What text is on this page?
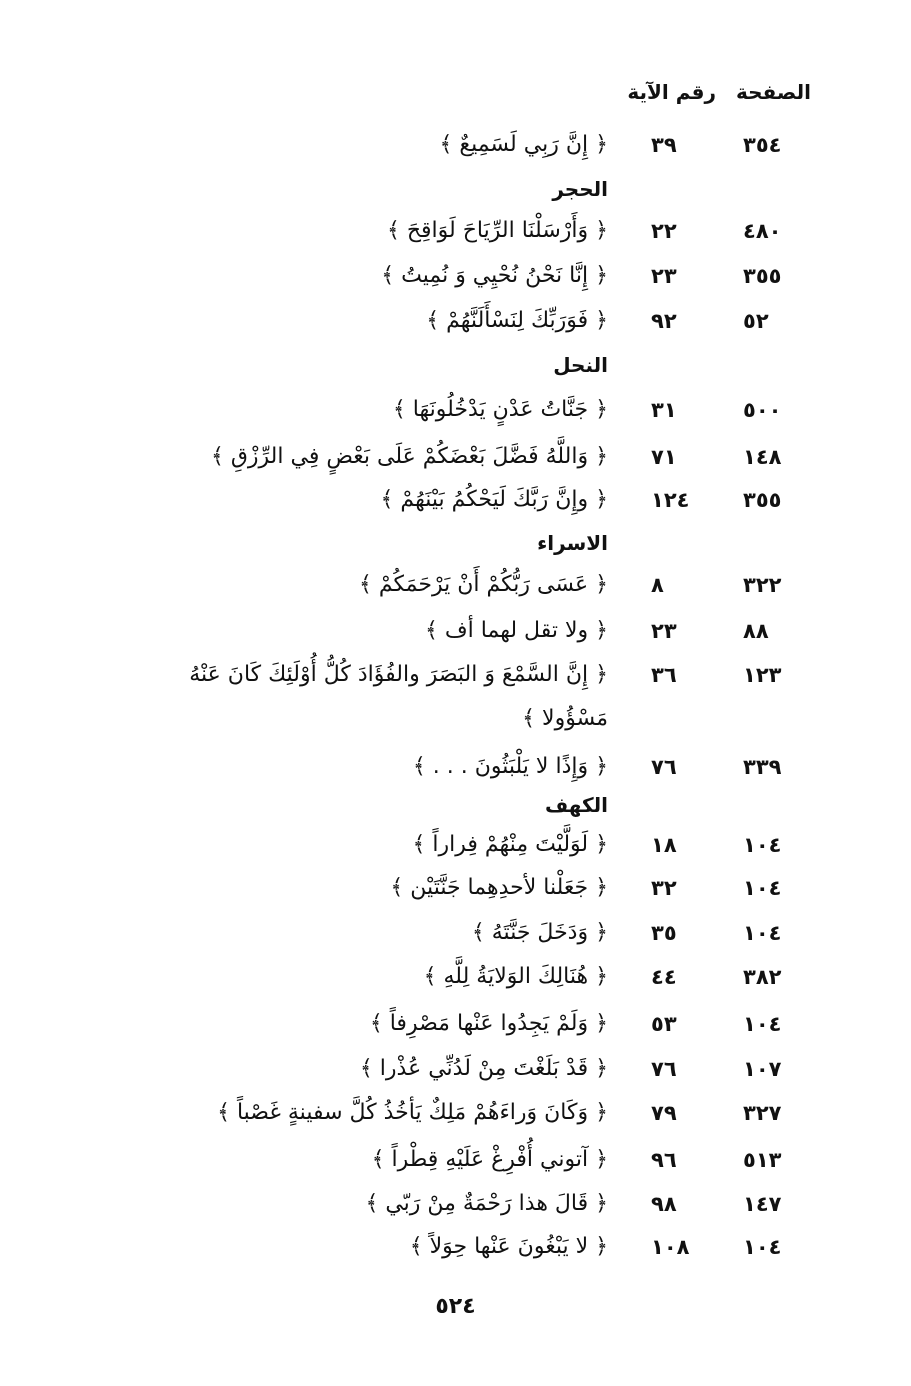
الصفحة
رقم الآية
٣٥٤
٣٩
﴿ إِنَّ رَبِي لَسَمِيعٌ ﴾
الحجر
٤٨٠
٢٢
﴿ وَأَرْسَلْنَا الرِّيَاحَ لَوَاقِحَ ﴾
٣٥٥
٢٣
﴿ إِنَّا نَحْنُ نُحْيِي وَ نُمِيتُ ﴾
٥٢
٩٢
﴿ فَوَرَبِّكَ لِنَسْأَلَنَّهُمْ ﴾
النحل
٥٠٠
٣١
﴿ جَنَّاتُ عَدْنٍ يَدْخُلُونَهَا ﴾
١٤٨
٧١
﴿ وَاللَّهُ فَضَّلَ بَعْضَكُمْ عَلَى بَعْضٍ فِي الرِّزْقِ ﴾
٣٥٥
١٢٤
﴿ وإِنَّ رَبَّكَ لَيَحْكُمُ بَيْنَهُمْ ﴾
الاسراء
٣٢٢
٨
﴿ عَسَى رَبُّكُمْ أَنْ يَرْحَمَكُمْ ﴾
٨٨
٢٣
﴿ ولا تقل لهما أف ﴾
١٢٣
٣٦
﴿ إِنَّ السَّمْعَ وَ البَصَرَ والفُؤَادَ كُلُّ أُوْلَئِكَ كَانَ عَنْهُ
مَسْؤُولا ﴾
٣٣٩
٧٦
﴿ وَإِذًا لا يَلْبَثُونَ . . . ﴾
الكهف
١٠٤
١٨
﴿ لَوَلَّيْتَ مِنْهُمْ فِراراً ﴾
١٠٤
٣٢
﴿ جَعَلْنا لأحدِهِما جَنَّتَيْن ﴾
١٠٤
٣٥
﴿ وَدَخَلَ جَنَّتَهُ ﴾
٣٨٢
٤٤
﴿ هُنَالِكَ الوَلايَةُ لِلَّهِ ﴾
١٠٤
٥٣
﴿ وَلَمْ يَجِدُوا عَنْها مَصْرِفاً ﴾
١٠٧
٧٦
﴿ قَدْ بَلَغْتَ مِنْ لَدُنِّي عُذْرا ﴾
٣٢٧
٧٩
﴿ وَكَانَ وَراءَهُمْ مَلِكٌ يَأخُذُ كُلَّ سفينةٍ غَصْباً ﴾
٥١٣
٩٦
﴿ آتوني أُفْرِغْ عَلَيْهِ قِطْراً ﴾
١٤٧
٩٨
﴿ قَالَ هذا رَحْمَةٌ مِنْ رَبّي ﴾
١٠٤
١٠٨
﴿ لا يَبْغُونَ عَنْها حِوَلاً ﴾
٥٢٤
